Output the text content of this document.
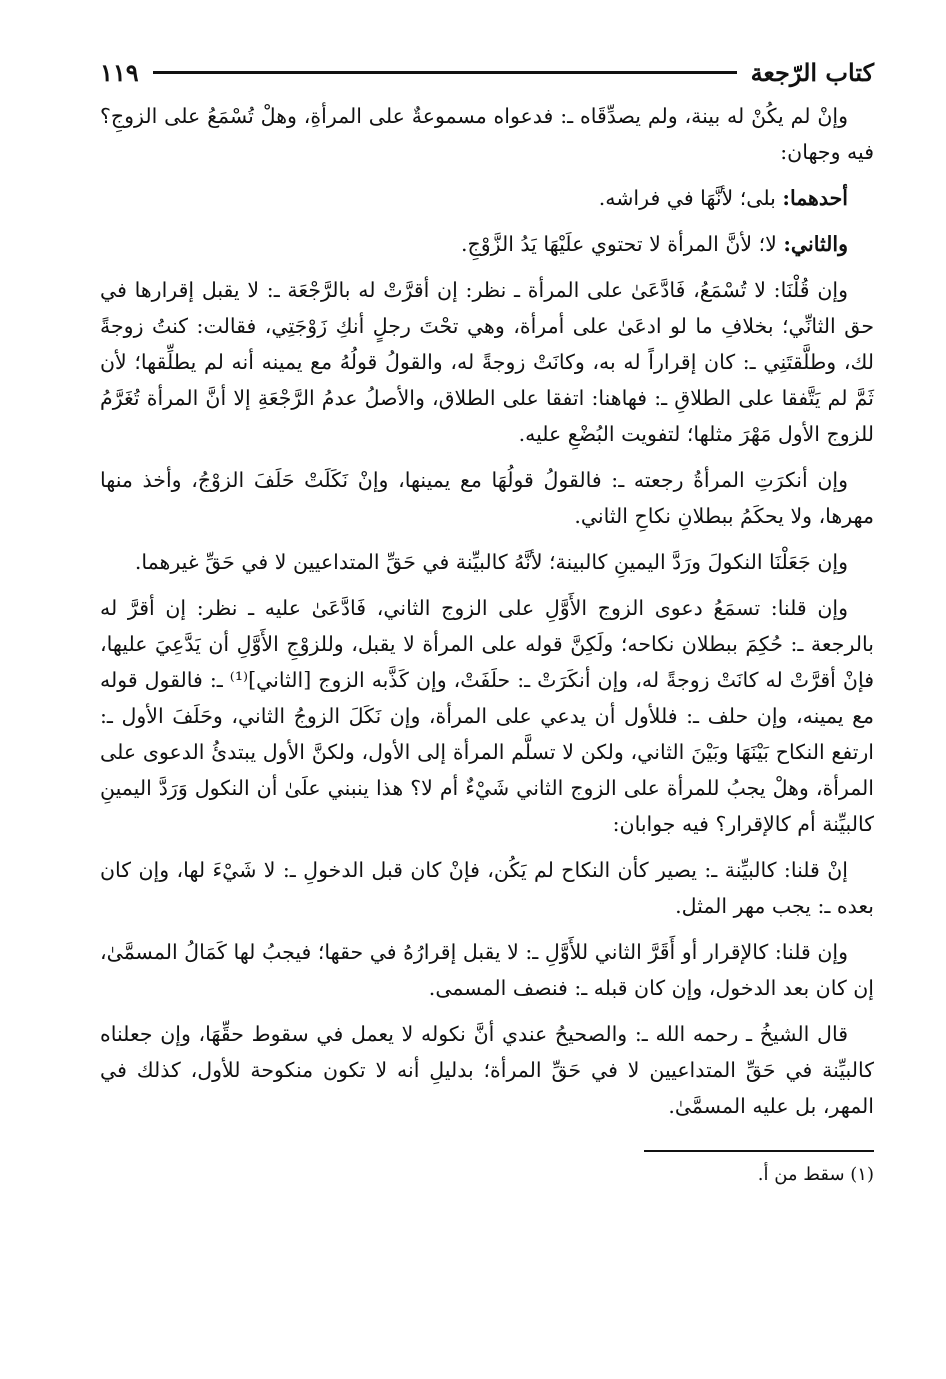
كتاب الرّجعة
١١٩

وإنْ لم يكُنْ له بينة، ولم يصدِّقَاه ـ: فدعواه مسموعةٌ على المرأةِ، وهلْ تُسْمَعُ على الزوجِ؟ فيه وجهان:

أحدهما: بلى؛ لأنَّهَا في فراشه.

والثاني: لا؛ لأنَّ المرأة لا تحتوي علَيْهَا يَدُ الزَّوْجِ.

وإن قُلْنَا: لا تُسْمَعُ، فَادَّعَىٰ على المرأة ـ نظر: إن أقرَّتْ له بالرَّجْعَة ـ: لا يقبل إقرارها في حق الثانِّي؛ بخلافِ ما لو ادعَىٰ على أمرأة، وهي تحْتَ رجلٍ أنكِ زَوْجَتِي، فقالت: كنتُ زوجةً لك، وطلَّقتَنِي ـ: كان إقراراً له به، وكانَتْ زوجةً له، والقولُ قولُهُ مع يمينه أنه لم يطلِّقها؛ لأن ثَمَّ لم يَتَّفقا على الطلاقِ ـ: فهاهنا: اتفقا على الطلاق، والأصلُ عدمُ الرَّجْعَةِ إلا أنَّ المرأة تُغَرَّمُ للزوج الأول مَهْرَ مثلها؛ لتفويت البُضْعِ عليه.

وإن أنكرَتِ المرأةُ رجعته ـ: فالقولُ قولُهَا مع يمينها، وإنْ نَكَلَتْ حَلَفَ الزوْجُ، وأخذ منها مهرها، ولا يحكَمُ ببطلانِ نكاحِ الثاني.

وإن جَعَلْنَا النكولَ ورَدَّ اليمينِ كالبينة؛ لأنَّهُ كالبيِّنة في حَقِّ المتداعيين لا في حَقِّ غيرهما.

وإن قلنا: تسمَعُ دعوى الزوج الأَوَّلِ على الزوج الثاني، فَادَّعَىٰ عليه ـ نظر: إن أقرَّ له بالرجعة ـ: حُكِمَ ببطلان نكاحه؛ ولَكِنَّ قوله على المرأة لا يقبل، وللزوْجِ الأَوَّلِ أن يَدَّعِيَ عليها، فإنْ أقرَّتْ له كانَتْ زوجةً له، وإن أنكَرَتْ ـ: حلَفَتْ، وإن كَذَّبه الزوج [الثاني]⁽¹⁾ ـ: فالقول قوله مع يمينه، وإن حلف ـ: فللأول أن يدعي على المرأة، وإن نَكَلَ الزوجُ الثاني، وحَلَفَ الأول ـ: ارتفع النكاح بَيْنَهَا وبَيْنَ الثاني، ولكن لا تسلَّم المرأة إلى الأول، ولكنَّ الأول يبتدئُ الدعوى على المرأة، وهلْ يجبُ للمرأة على الزوج الثاني شَيْءٌ أم لا؟ هذا ينبني علَىٰ أن النكول وَرَدَّ اليمينِ كالبيِّنة أم كالإقرار؟ فيه جوابان:

إنْ قلنا: كالبيِّنة ـ: يصير كأن النكاح لم يَكُن، فإنْ كان قبل الدخولِ ـ: لا شَيْءَ لها، وإن كان بعده ـ: يجب مهر المثل.

وإن قلنا: كالإقرار أو أَقَرَّ الثاني للأَوَّلِ ـ: لا يقبل إقرارُهُ في حقها؛ فيجبُ لها كَمَالُ المسمَّىٰ، إن كان بعد الدخول، وإن كان قبله ـ: فنصف المسمى.

قال الشيخُ ـ رحمه الله ـ: والصحيحُ عندي أنَّ نكوله لا يعمل في سقوط حقِّهَا، وإن جعلناه كالبيِّنة في حَقِّ المتداعيين لا في حَقِّ المرأة؛ بدليلِ أنه لا تكون منكوحة للأول، كذلك في المهر، بل عليه المسمَّىٰ.

(١) سقط من أ.
